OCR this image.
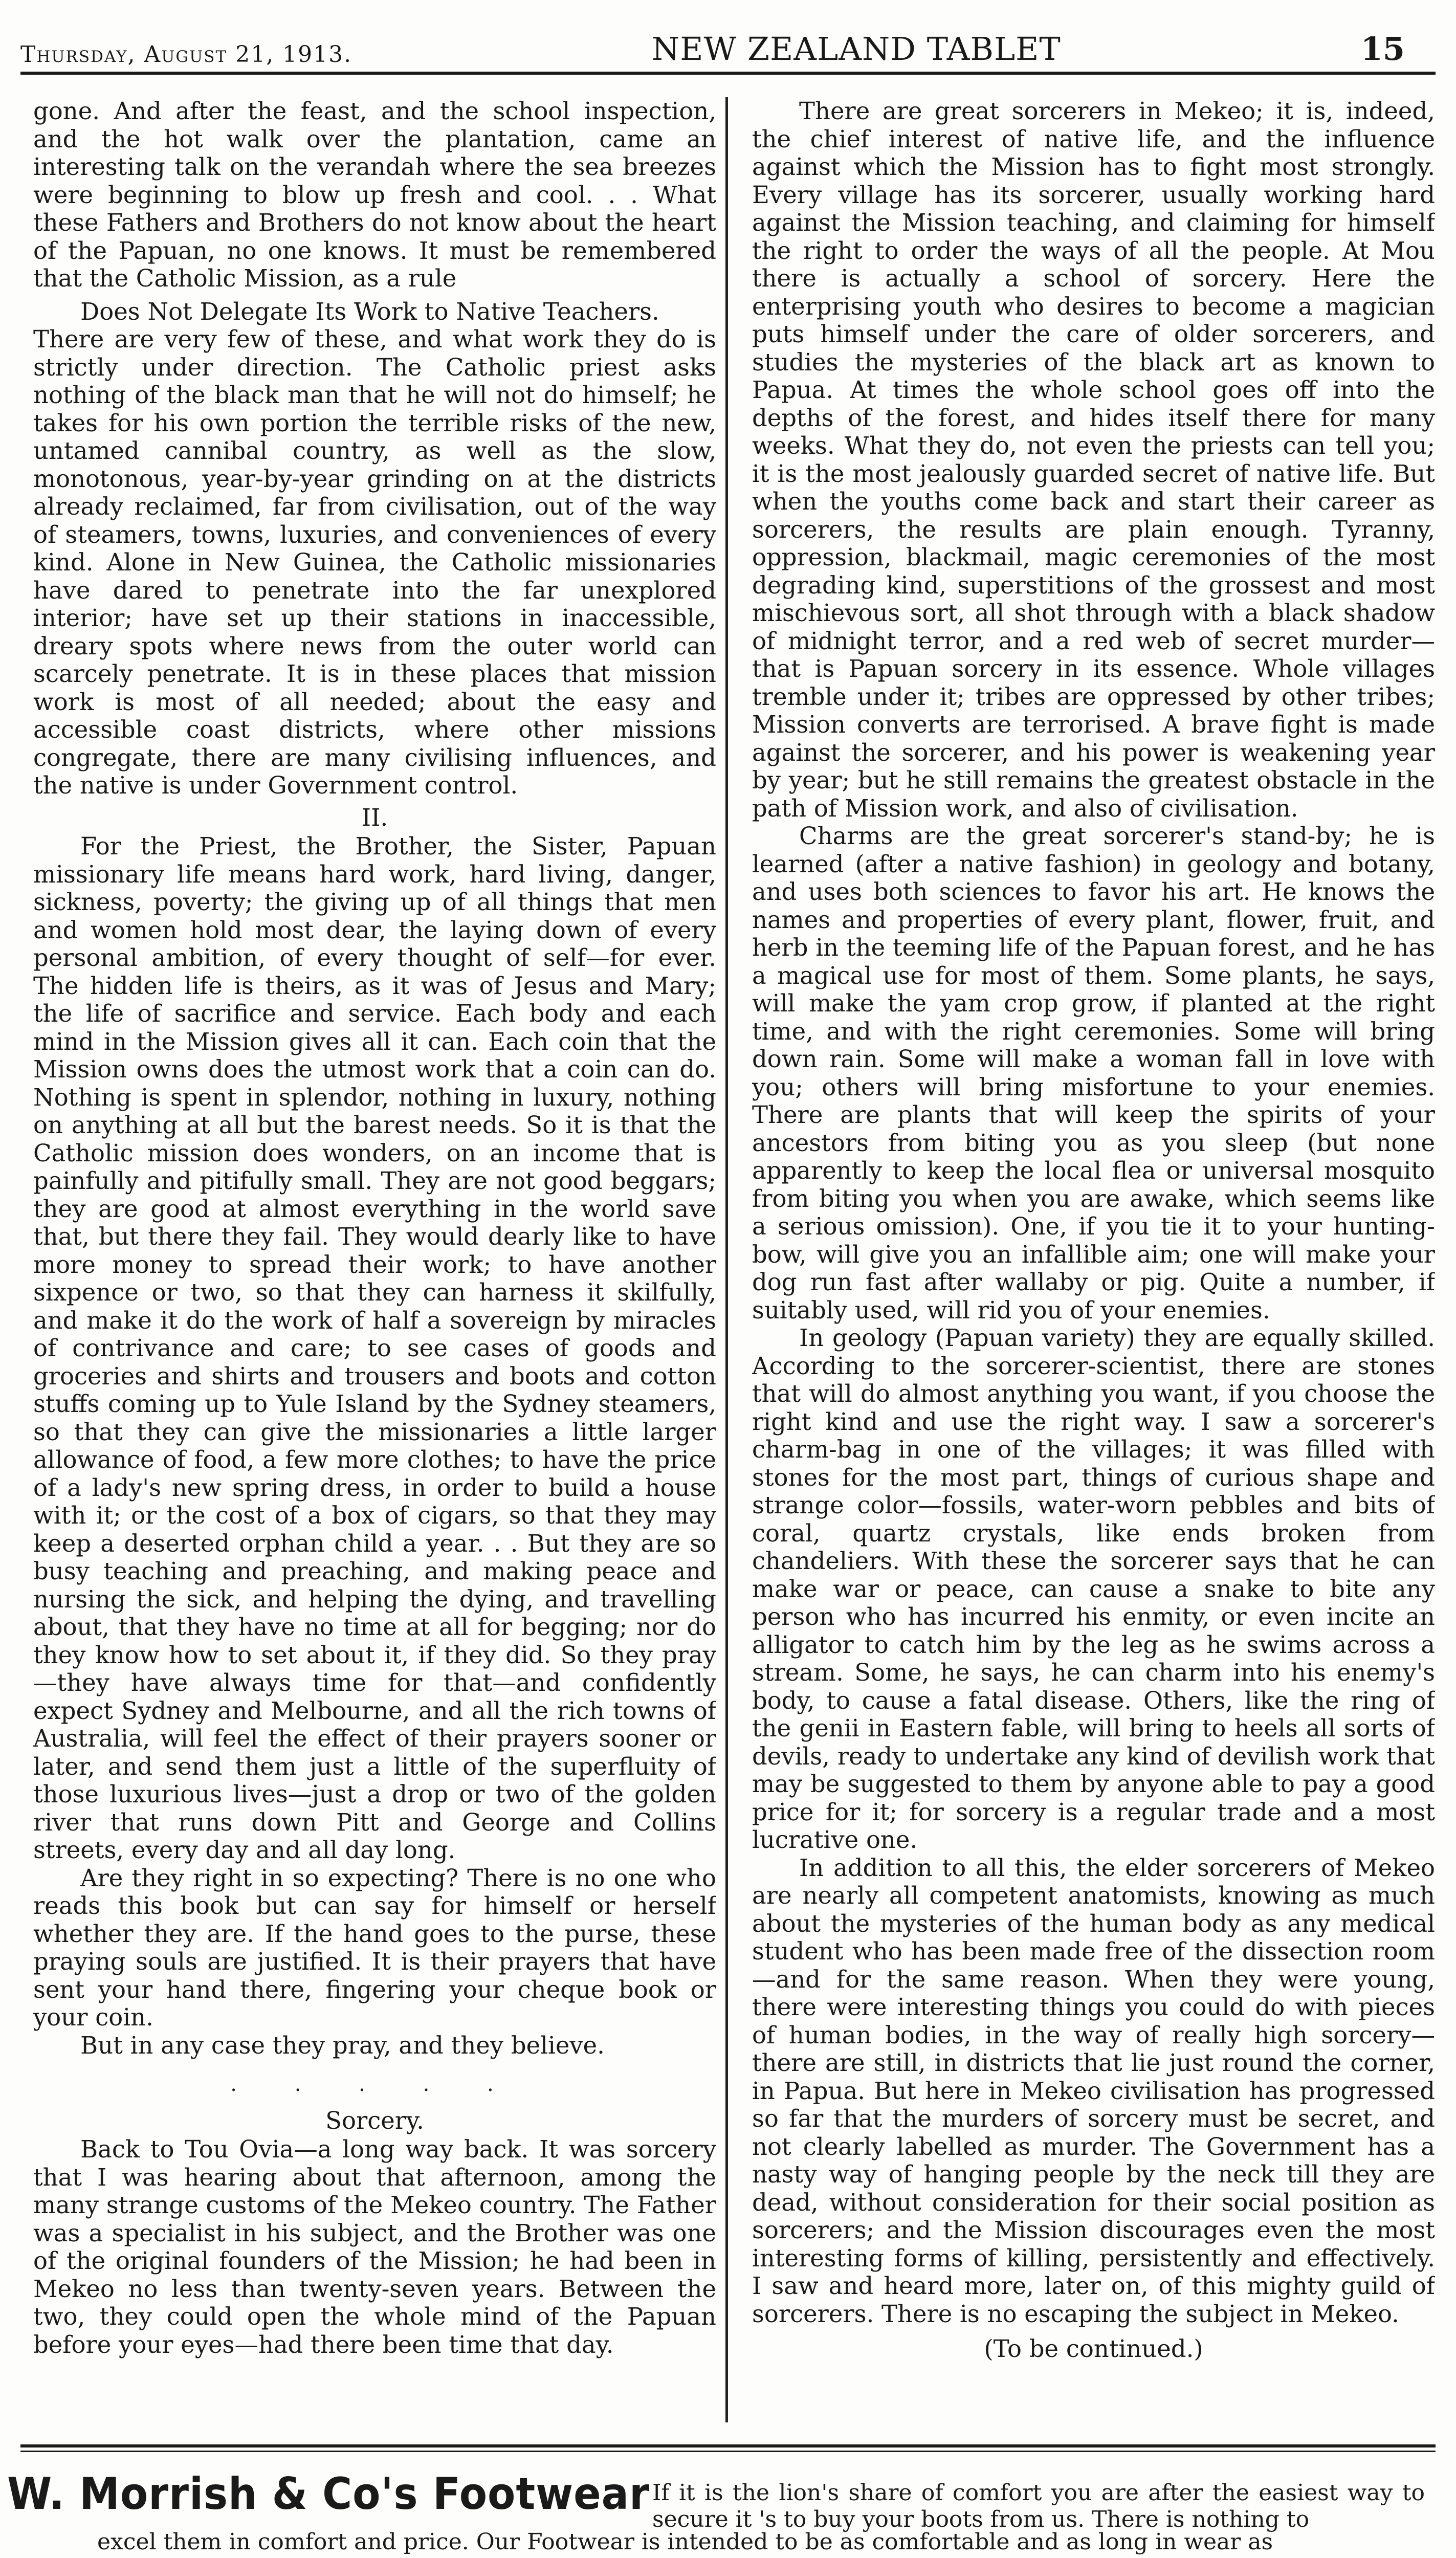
Thursday, August 21, 1913.	NEW ZEALAND TABLET	15

gone. And after the feast, and the school inspection, and the hot walk over the plantation, came an interesting talk on the verandah where the sea breezes were beginning to blow up fresh and cool. . . What these Fathers and Brothers do not know about the heart of the Papuan, no one knows. It must be remembered that the Catholic Mission, as a rule

Does Not Delegate Its Work to Native Teachers.

There are very few of these, and what work they do is strictly under direction. The Catholic priest asks nothing of the black man that he will not do himself; he takes for his own portion the terrible risks of the new, untamed cannibal country, as well as the slow, monotonous, year-by-year grinding on at the districts already reclaimed, far from civilisation, out of the way of steamers, towns, luxuries, and conveniences of every kind. Alone in New Guinea, the Catholic missionaries have dared to penetrate into the far unexplored interior; have set up their stations in inaccessible, dreary spots where news from the outer world can scarcely penetrate. It is in these places that mission work is most of all needed; about the easy and accessible coast districts, where other missions congregate, there are many civilising influences, and the native is under Government control.

II.

For the Priest, the Brother, the Sister, Papuan missionary life means hard work, hard living, danger, sickness, poverty; the giving up of all things that men and women hold most dear, the laying down of every personal ambition, of every thought of self—for ever. The hidden life is theirs, as it was of Jesus and Mary; the life of sacrifice and service. Each body and each mind in the Mission gives all it can. Each coin that the Mission owns does the utmost work that a coin can do. Nothing is spent in splendor, nothing in luxury, nothing on anything at all but the barest needs. So it is that the Catholic mission does wonders, on an income that is painfully and pitifully small. They are not good beggars; they are good at almost everything in the world save that, but there they fail. They would dearly like to have more money to spread their work; to have another sixpence or two, so that they can harness it skilfully, and make it do the work of half a sovereign by miracles of contrivance and care; to see cases of goods and groceries and shirts and trousers and boots and cotton stuffs coming up to Yule Island by the Sydney steamers, so that they can give the missionaries a little larger allowance of food, a few more clothes; to have the price of a lady's new spring dress, in order to build a house with it; or the cost of a box of cigars, so that they may keep a deserted orphan child a year. . . But they are so busy teaching and preaching, and making peace and nursing the sick, and helping the dying, and travelling about, that they have no time at all for begging; nor do they know how to set about it, if they did. So they pray—they have always time for that—and confidently expect Sydney and Melbourne, and all the rich towns of Australia, will feel the effect of their prayers sooner or later, and send them just a little of the superfluity of those luxurious lives—just a drop or two of the golden river that runs down Pitt and George and Collins streets, every day and all day long.

Are they right in so expecting? There is no one who reads this book but can say for himself or herself whether they are. If the hand goes to the purse, these praying souls are justified. It is their prayers that have sent your hand there, fingering your cheque book or your coin.

But in any case they pray, and they believe.

. . . . .

Sorcery.

Back to Tou Ovia—a long way back. It was sorcery that I was hearing about that afternoon, among the many strange customs of the Mekeo country. The Father was a specialist in his subject, and the Brother was one of the original founders of the Mission; he had been in Mekeo no less than twenty-seven years. Between the two, they could open the whole mind of the Papuan before your eyes—had there been time that day.

There are great sorcerers in Mekeo; it is, indeed, the chief interest of native life, and the influence against which the Mission has to fight most strongly. Every village has its sorcerer, usually working hard against the Mission teaching, and claiming for himself the right to order the ways of all the people. At Mou there is actually a school of sorcery. Here the enterprising youth who desires to become a magician puts himself under the care of older sorcerers, and studies the mysteries of the black art as known to Papua. At times the whole school goes off into the depths of the forest, and hides itself there for many weeks. What they do, not even the priests can tell you; it is the most jealously guarded secret of native life. But when the youths come back and start their career as sorcerers, the results are plain enough. Tyranny, oppression, blackmail, magic ceremonies of the most degrading kind, superstitions of the grossest and most mischievous sort, all shot through with a black shadow of midnight terror, and a red web of secret murder—that is Papuan sorcery in its essence. Whole villages tremble under it; tribes are oppressed by other tribes; Mission converts are terrorised. A brave fight is made against the sorcerer, and his power is weakening year by year; but he still remains the greatest obstacle in the path of Mission work, and also of civilisation.

Charms are the great sorcerer's stand-by; he is learned (after a native fashion) in geology and botany, and uses both sciences to favor his art. He knows the names and properties of every plant, flower, fruit, and herb in the teeming life of the Papuan forest, and he has a magical use for most of them. Some plants, he says, will make the yam crop grow, if planted at the right time, and with the right ceremonies. Some will bring down rain. Some will make a woman fall in love with you; others will bring misfortune to your enemies. There are plants that will keep the spirits of your ancestors from biting you as you sleep (but none apparently to keep the local flea or universal mosquito from biting you when you are awake, which seems like a serious omission). One, if you tie it to your hunting-bow, will give you an infallible aim; one will make your dog run fast after wallaby or pig. Quite a number, if suitably used, will rid you of your enemies.

In geology (Papuan variety) they are equally skilled. According to the sorcerer-scientist, there are stones that will do almost anything you want, if you choose the right kind and use the right way. I saw a sorcerer's charm-bag in one of the villages; it was filled with stones for the most part, things of curious shape and strange color—fossils, water-worn pebbles and bits of coral, quartz crystals, like ends broken from chandeliers. With these the sorcerer says that he can make war or peace, can cause a snake to bite any person who has incurred his enmity, or even incite an alligator to catch him by the leg as he swims across a stream. Some, he says, he can charm into his enemy's body, to cause a fatal disease. Others, like the ring of the genii in Eastern fable, will bring to heels all sorts of devils, ready to undertake any kind of devilish work that may be suggested to them by anyone able to pay a good price for it; for sorcery is a regular trade and a most lucrative one.

In addition to all this, the elder sorcerers of Mekeo are nearly all competent anatomists, knowing as much about the mysteries of the human body as any medical student who has been made free of the dissection room—and for the same reason. When they were young, there were interesting things you could do with pieces of human bodies, in the way of really high sorcery—there are still, in districts that lie just round the corner, in Papua. But here in Mekeo civilisation has progressed so far that the murders of sorcery must be secret, and not clearly labelled as murder. The Government has a nasty way of hanging people by the neck till they are dead, without consideration for their social position as sorcerers; and the Mission discourages even the most interesting forms of killing, persistently and effectively. I saw and heard more, later on, of this mighty guild of sorcerers. There is no escaping the subject in Mekeo.

(To be continued.)

W. Morrish & Co's Footwear If it is the lion's share of comfort you are after the easiest way to secure it 's to buy your boots from us. There is nothing to
excel them in comfort and price. Our Footwear is intended to be as comfortable and as long in wear as
